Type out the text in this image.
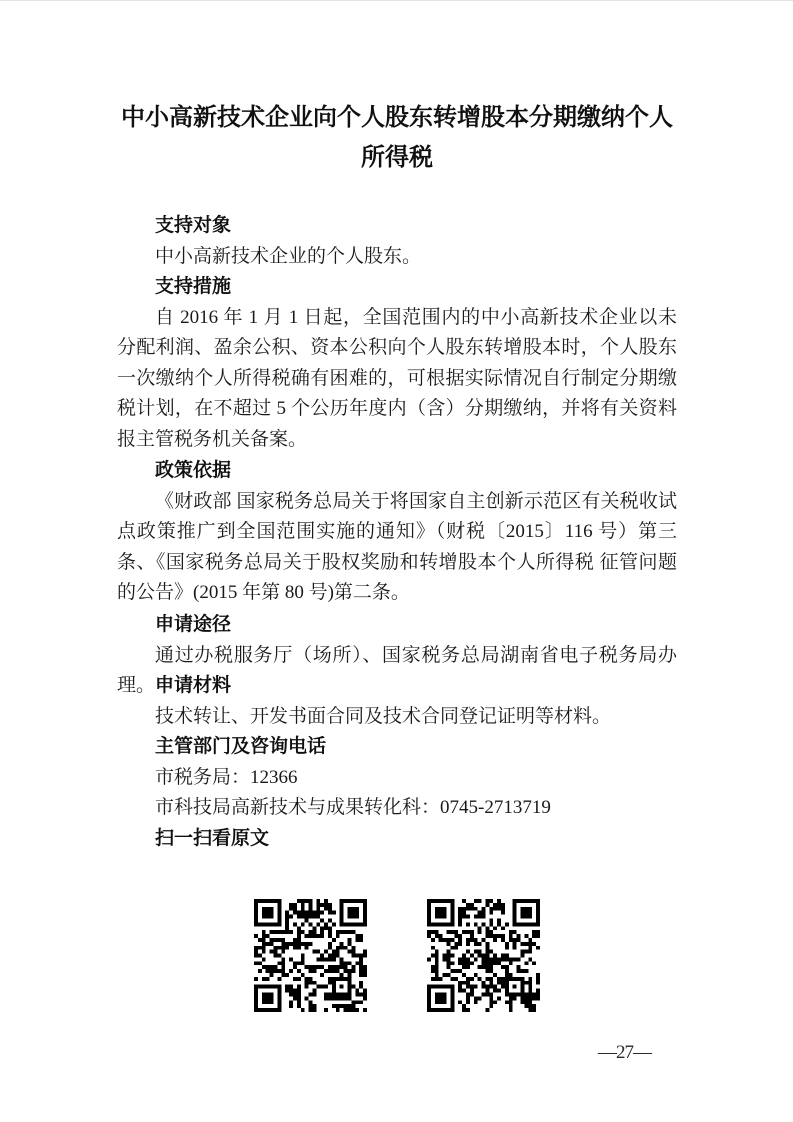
中小高新技术企业向个人股东转增股本分期缴纳个人
所得税
支持对象

中小高新技术企业的个人股东。

支持措施

自 2016 年 1 月 1 日起，全国范围内的中小高新技术企业以未分配利润、盈余公积、资本公积向个人股东转增股本时，个人股东一次缴纳个人所得税确有困难的，可根据实际情况自行制定分期缴税计划，在不超过 5 个公历年度内（含）分期缴纳，并将有关资料报主管税务机关备案。

政策依据

《财政部 国家税务总局关于将国家自主创新示范区有关税收试点政策推广到全国范围实施的通知》（财税〔2015〕116 号）第三条、《国家税务总局关于股权奖励和转增股本个人所得税 征管问题的公告》(2015 年第 80 号)第二条。

申请途径

通过办税服务厅（场所）、国家税务总局湖南省电子税务局办理。 申请材料

技术转让、开发书面合同及技术合同登记证明等材料。

主管部门及咨询电话

市税务局：12366

市科技局高新技术与成果转化科：0745-2713719

扫一扫看原文
—27—
